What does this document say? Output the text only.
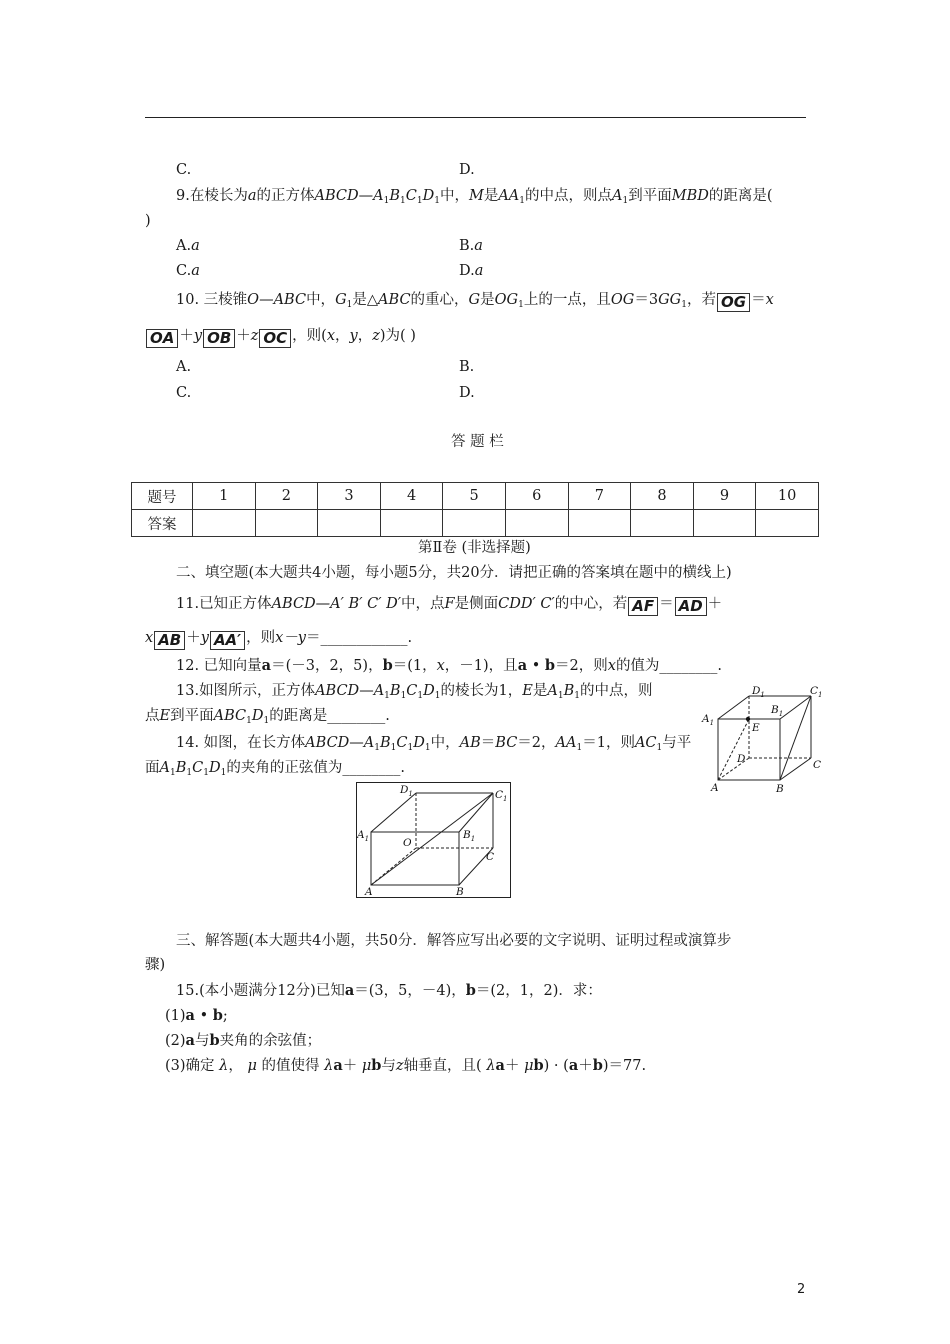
C.	D.
9.在棱长为a的正方体$ABCD—A_1B_1C_1D_1$中，M是$AA_1$的中点，则点$A_1$到平面MBD的距离是(
)
A.a	B.a
C.a	D.a
10. 三棱锥O—ABC中，$G_1$是△ABC的重心，G是$OG_1$上的一点，且$OG=3GG_1$，若 OG ＝x
OA ＋y OB ＋z OC ，则(x，y，z)为( )
A.	B.
C.	D.
答 题 栏
题号	1	2	3	4	5	6	7	8	9	10
答案										
第Ⅱ卷 (非选择题)
二、填空题(本大题共4小题，每小题5分，共20分．请把正确的答案填在题中的横线上)
11.已知正方体ABCD—A′ B′ C′ D′中，点F是侧面CDD′ C′的中心，若 AF ＝ AD ＋
x AB ＋y AA′ ，则x－y＝____________.
12. 已知向量a＝(－3，2，5)，b＝(1，x，－1)，且a • b＝2，则x的值为________.
13.如图所示，正方体$ABCD—A_1B_1C_1D_1$的棱长为1，E是$A_1B_1$的中点，则
点E到平面$ABC_1D_1$的距离是________.
14. 如图，在长方体$ABCD—A_1B_1C_1D_1$中，AB＝BC＝2，$AA_1=1$，则$AC_1$与平
面$A_1B_1C_1D_1$的夹角的正弦值为________.
$A_1$
$D_1$	$C_1$
$B_1$
E
D	C
A	B
$D_1$	$C_1$
$A_1$	$B_1$
O
C
A	B
三、解答题(本大题共4小题，共50分．解答应写出必要的文字说明、证明过程或演算步
骤)
15.(本小题满分12分)已知a＝(3，5，－4)，b＝(2，1，2)．求：
(1)a • b;
(2)a与b夹角的余弦值；
(3)确定 λ， μ 的值使得 λa＋ μb与z轴垂直，且( λa＋ μb) · (a＋b)＝77.
2
